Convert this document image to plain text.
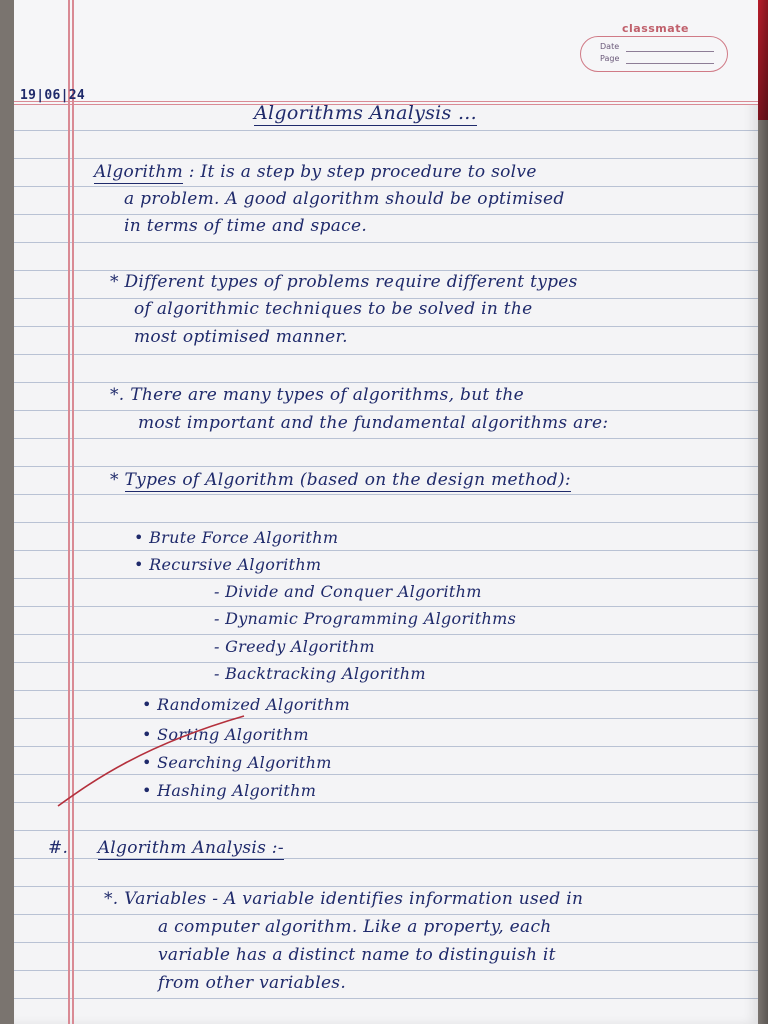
classmate
Date
Page
19|06|24
Algorithms Analysis ...
Algorithm : It is a step by step procedure to solve
a problem. A good algorithm should be optimised
in terms of time and space.
* Different types of problems require different types
of algorithmic techniques to be solved in the
most optimised manner.
*. There are many types of algorithms, but the
most important and the fundamental algorithms are:
* Types of Algorithm (based on the design method):
• Brute Force Algorithm
• Recursive Algorithm
- Divide and Conquer Algorithm
- Dynamic Programming Algorithms
- Greedy Algorithm
- Backtracking Algorithm
• Randomized Algorithm
• Sorting Algorithm
• Searching Algorithm
• Hashing Algorithm
#. Algorithm Analysis :-
*. Variables - A variable identifies information used in
a computer algorithm. Like a property, each
variable has a distinct name to distinguish it
from other variables.
